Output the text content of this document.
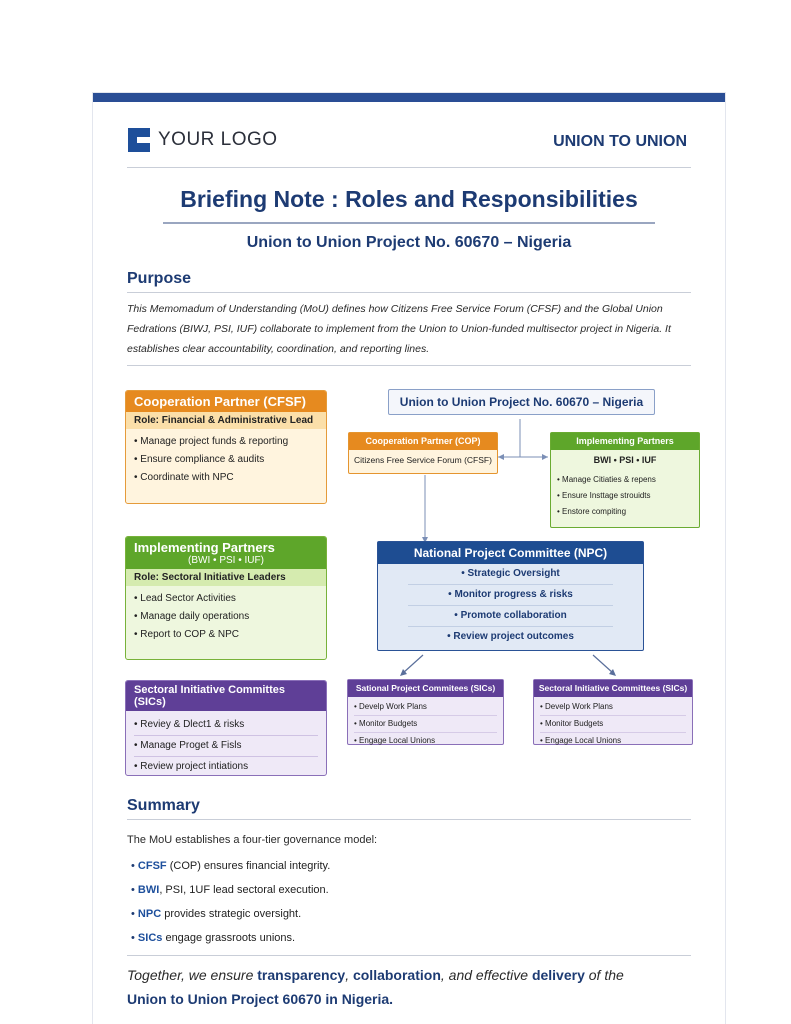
YOUR LOGO	UNION TO UNION
Briefing Note : Roles and Responsibilities
Union to Union Project No. 60670 – Nigeria
Purpose
This Memomadum of Understanding (MoU) defines how Citizens Free Service Forum (CFSF) and the Global Union Fedrations (BIWJ, PSI, IUF) collaborate to implement from the Union to Union-funded multisector project in Nigeria. It establishes clear accountability, coordination, and reporting lines.
Cooperation Partner (CFSF)
Role: Financial & Administrative Lead
• Manage project funds & reporting
• Ensure compliance & audits
• Coordinate with NPC
Implementing Partners
(BWI • PSI • IUF)
Role: Sectoral Initiative Leaders
• Lead Sector Activities
• Manage daily operations
• Report to COP & NPC
Sectoral Initiative Committes (SICs)
• Reviey & Dlect1 & risks
• Manage Proget & Fisls
• Review project intiations
Union to Union Project No. 60670 – Nigeria
Cooperation Partner (COP)
Citizens Free Service Forum (CFSF)
Implementing Partners
BWI • PSI • IUF
• Manage Citiaties & repens
• Ensure Insttage strouidts
• Enstore compiting
National Project Committee (NPC)
• Strategic Oversight
• Monitor progress & risks
• Promote collaboration
• Review project outcomes
Sational Project Commitees (SICs)
• Develp Work Plans
• Monitor Budgets
• Engage Local Unions
Sectoral Initiative Committees (SICs)
• Develp Work Plans
• Monitor Budgets
• Engage Local Unions
Summary
The MoU establishes a four-tier governance model:
• CFSF (COP) ensures financial integrity.
• BWI, PSI, 1UF lead sectoral execution.
• NPC provides strategic oversight.
• SICs engage grassroots unions.
Together, we ensure transparency, collaboration, and effective delivery of the
Union to Union Project 60670 in Nigeria.
